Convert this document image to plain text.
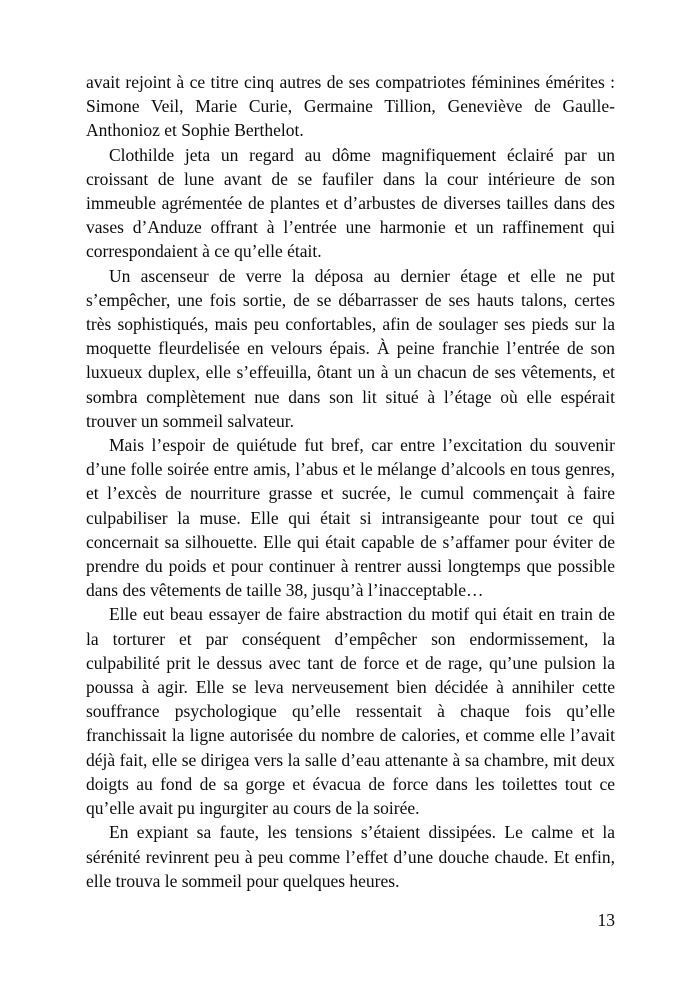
avait rejoint à ce titre cinq autres de ses compatriotes féminines émérites : Simone Veil, Marie Curie, Germaine Tillion, Geneviève de Gaulle-Anthonioz et Sophie Berthelot.

Clothilde jeta un regard au dôme magnifiquement éclairé par un croissant de lune avant de se faufiler dans la cour intérieure de son immeuble agrémentée de plantes et d’arbustes de diverses tailles dans des vases d’Anduze offrant à l’entrée une harmonie et un raffinement qui correspondaient à ce qu’elle était.

Un ascenseur de verre la déposa au dernier étage et elle ne put s’empêcher, une fois sortie, de se débarrasser de ses hauts talons, certes très sophistiqués, mais peu confortables, afin de soulager ses pieds sur la moquette fleurdelisée en velours épais. À peine franchie l’entrée de son luxueux duplex, elle s’effeuilla, ôtant un à un chacun de ses vêtements, et sombra complètement nue dans son lit situé à l’étage où elle espérait trouver un sommeil salvateur.

Mais l’espoir de quiétude fut bref, car entre l’excitation du souvenir d’une folle soirée entre amis, l’abus et le mélange d’alcools en tous genres, et l’excès de nourriture grasse et sucrée, le cumul commençait à faire culpabiliser la muse. Elle qui était si intransigeante pour tout ce qui concernait sa silhouette. Elle qui était capable de s’affamer pour éviter de prendre du poids et pour continuer à rentrer aussi longtemps que possible dans des vêtements de taille 38, jusqu’à l’inacceptable…

Elle eut beau essayer de faire abstraction du motif qui était en train de la torturer et par conséquent d’empêcher son endormissement, la culpabilité prit le dessus avec tant de force et de rage, qu’une pulsion la poussa à agir. Elle se leva nerveusement bien décidée à annihiler cette souffrance psychologique qu’elle ressentait à chaque fois qu’elle franchissait la ligne autorisée du nombre de calories, et comme elle l’avait déjà fait, elle se dirigea vers la salle d’eau attenante à sa chambre, mit deux doigts au fond de sa gorge et évacua de force dans les toilettes tout ce qu’elle avait pu ingurgiter au cours de la soirée.

En expiant sa faute, les tensions s’étaient dissipées. Le calme et la sérénité revinrent peu à peu comme l’effet d’une douche chaude. Et enfin, elle trouva le sommeil pour quelques heures.

13
